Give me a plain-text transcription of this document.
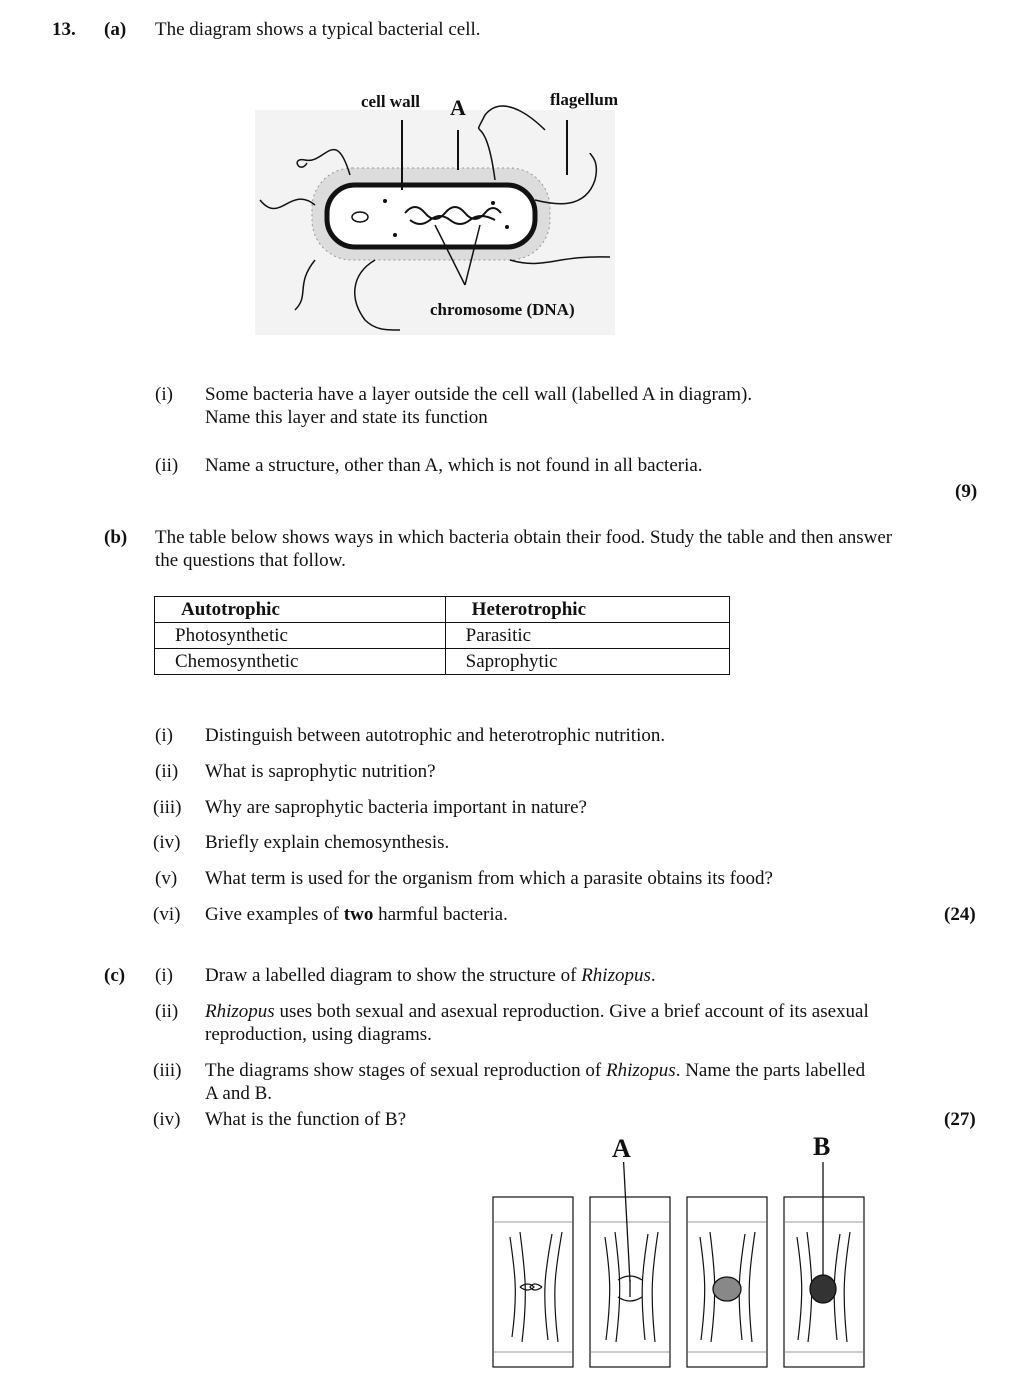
13. (a) The diagram shows a typical bacterial cell.
cell wall A	flagellum
chromosome (DNA)
(i) Some bacteria have a layer outside the cell wall (labelled A in diagram).
Name this layer and state its function
(ii) Name a structure, other than A, which is not found in all bacteria.
(9)
(b) The table below shows ways in which bacteria obtain their food. Study the table and then answer
the questions that follow.
Autotrophic	Heterotrophic
Photosynthetic	Parasitic
Chemosynthetic	Saprophytic
(i) Distinguish between autotrophic and heterotrophic nutrition.
(ii) What is saprophytic nutrition?
(iii) Why are saprophytic bacteria important in nature?
(iv) Briefly explain chemosynthesis.
(v) What term is used for the organism from which a parasite obtains its food?
(vi) Give examples of two harmful bacteria.	(24)
(c) (i) Draw a labelled diagram to show the structure of Rhizopus.
(ii) Rhizopus uses both sexual and asexual reproduction. Give a brief account of its asexual
reproduction, using diagrams.
(iii) The diagrams show stages of sexual reproduction of Rhizopus. Name the parts labelled
A and B.
(iv) What is the function of B?	(27)
A	B
